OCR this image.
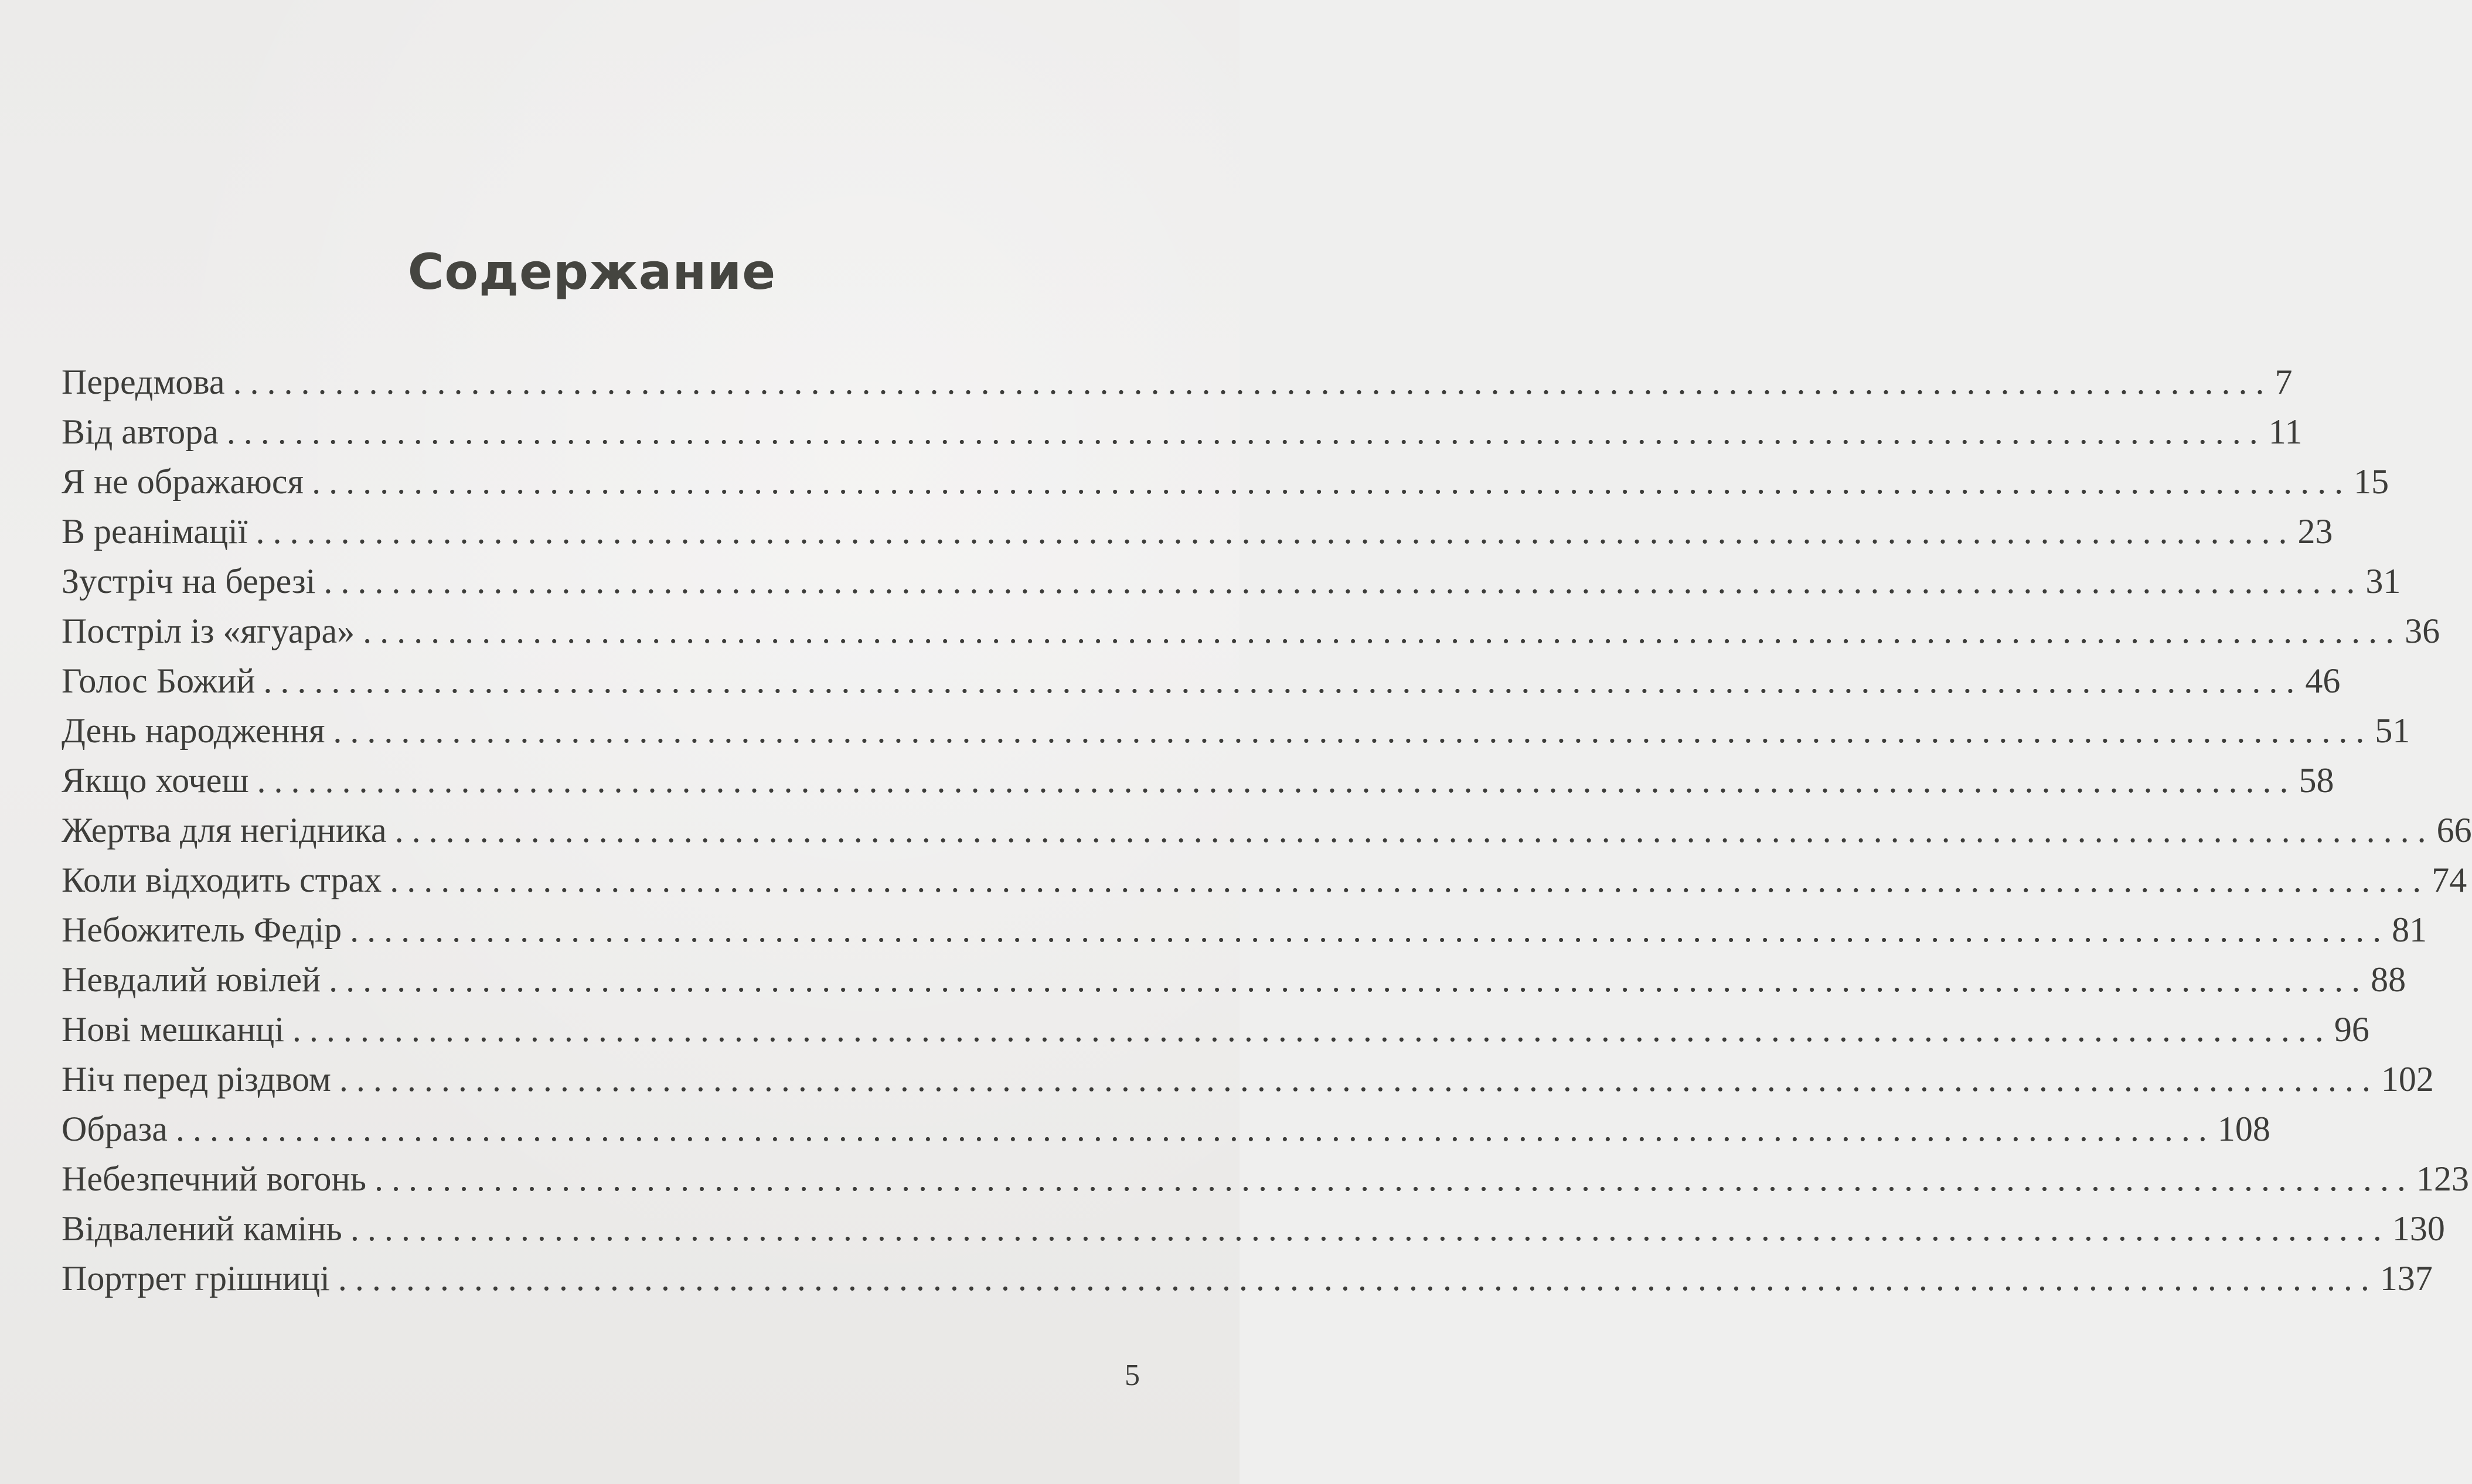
Содержание
Передмова ........................................................................................................................ 7
Від автора ........................................................................................................................ 11
Я не ображаюся ........................................................................................................................ 15
В реанімації ........................................................................................................................ 23
Зустріч на березі ........................................................................................................................ 31
Постріл із «ягуара» ........................................................................................................................ 36
Голос Божий ........................................................................................................................ 46
День народження ........................................................................................................................ 51
Якщо хочеш ........................................................................................................................ 58
Жертва для негідника ........................................................................................................................ 66
Коли відходить страх ........................................................................................................................ 74
Небожитель Федір ........................................................................................................................ 81
Невдалий ювілей ........................................................................................................................ 88
Нові мешканці ........................................................................................................................ 96
Ніч перед різдвом ........................................................................................................................ 102
Образа ........................................................................................................................ 108
Небезпечний вогонь ........................................................................................................................ 123
Відвалений камінь ........................................................................................................................ 130
Портрет грішниці ........................................................................................................................ 137
5
